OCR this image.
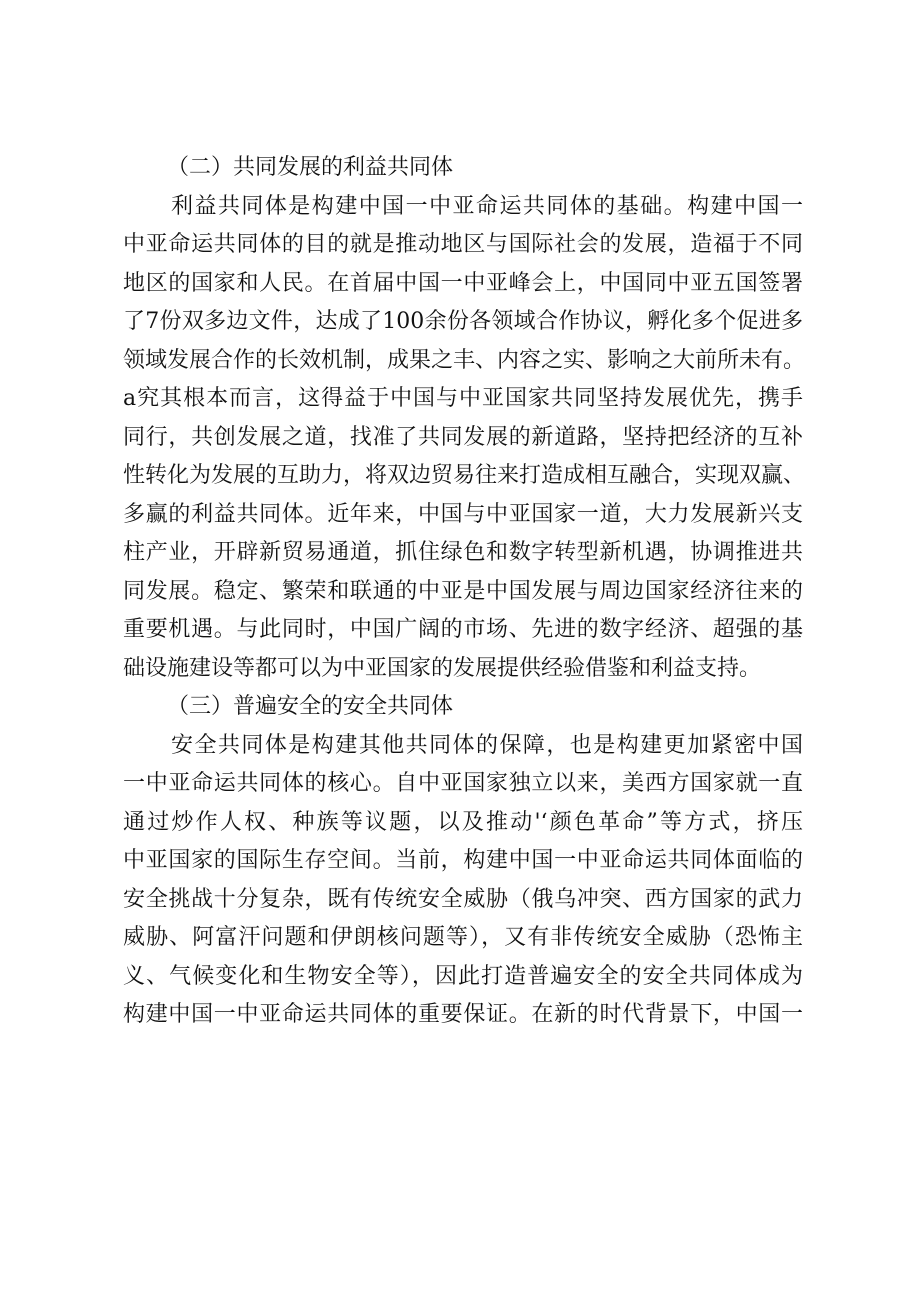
（二）共同发展的利益共同体

利益共同体是构建中国一中亚命运共同体的基础。构建中国一
中亚命运共同体的目的就是推动地区与国际社会的发展，造福于不同
地区的国家和人民。在首届中国一中亚峰会上，中国同中亚五国签署
了7份双多边文件，达成了100余份各领域合作协议，孵化多个促进多
领域发展合作的长效机制，成果之丰、内容之实、影响之大前所未有。
a究其根本而言，这得益于中国与中亚国家共同坚持发展优先，携手
同行，共创发展之道，找准了共同发展的新道路，坚持把经济的互补
性转化为发展的互助力，将双边贸易往来打造成相互融合，实现双赢、
多赢的利益共同体。近年来，中国与中亚国家一道，大力发展新兴支
柱产业，开辟新贸易通道，抓住绿色和数字转型新机遇，协调推进共
同发展。稳定、繁荣和联通的中亚是中国发展与周边国家经济往来的
重要机遇。与此同时，中国广阔的市场、先进的数字经济、超强的基
础设施建设等都可以为中亚国家的发展提供经验借鉴和利益支持。

（三）普遍安全的安全共同体

安全共同体是构建其他共同体的保障，也是构建更加紧密中国
一中亚命运共同体的核心。自中亚国家独立以来，美西方国家就一直
通过炒作人权、种族等议题，以及推动'‘颜色革命”等方式，挤压
中亚国家的国际生存空间。当前，构建中国一中亚命运共同体面临的
安全挑战十分复杂，既有传统安全威胁（俄乌冲突、西方国家的武力
威胁、阿富汗问题和伊朗核问题等），又有非传统安全威胁（恐怖主
义、气候变化和生物安全等），因此打造普遍安全的安全共同体成为
构建中国一中亚命运共同体的重要保证。在新的时代背景下，中国一
